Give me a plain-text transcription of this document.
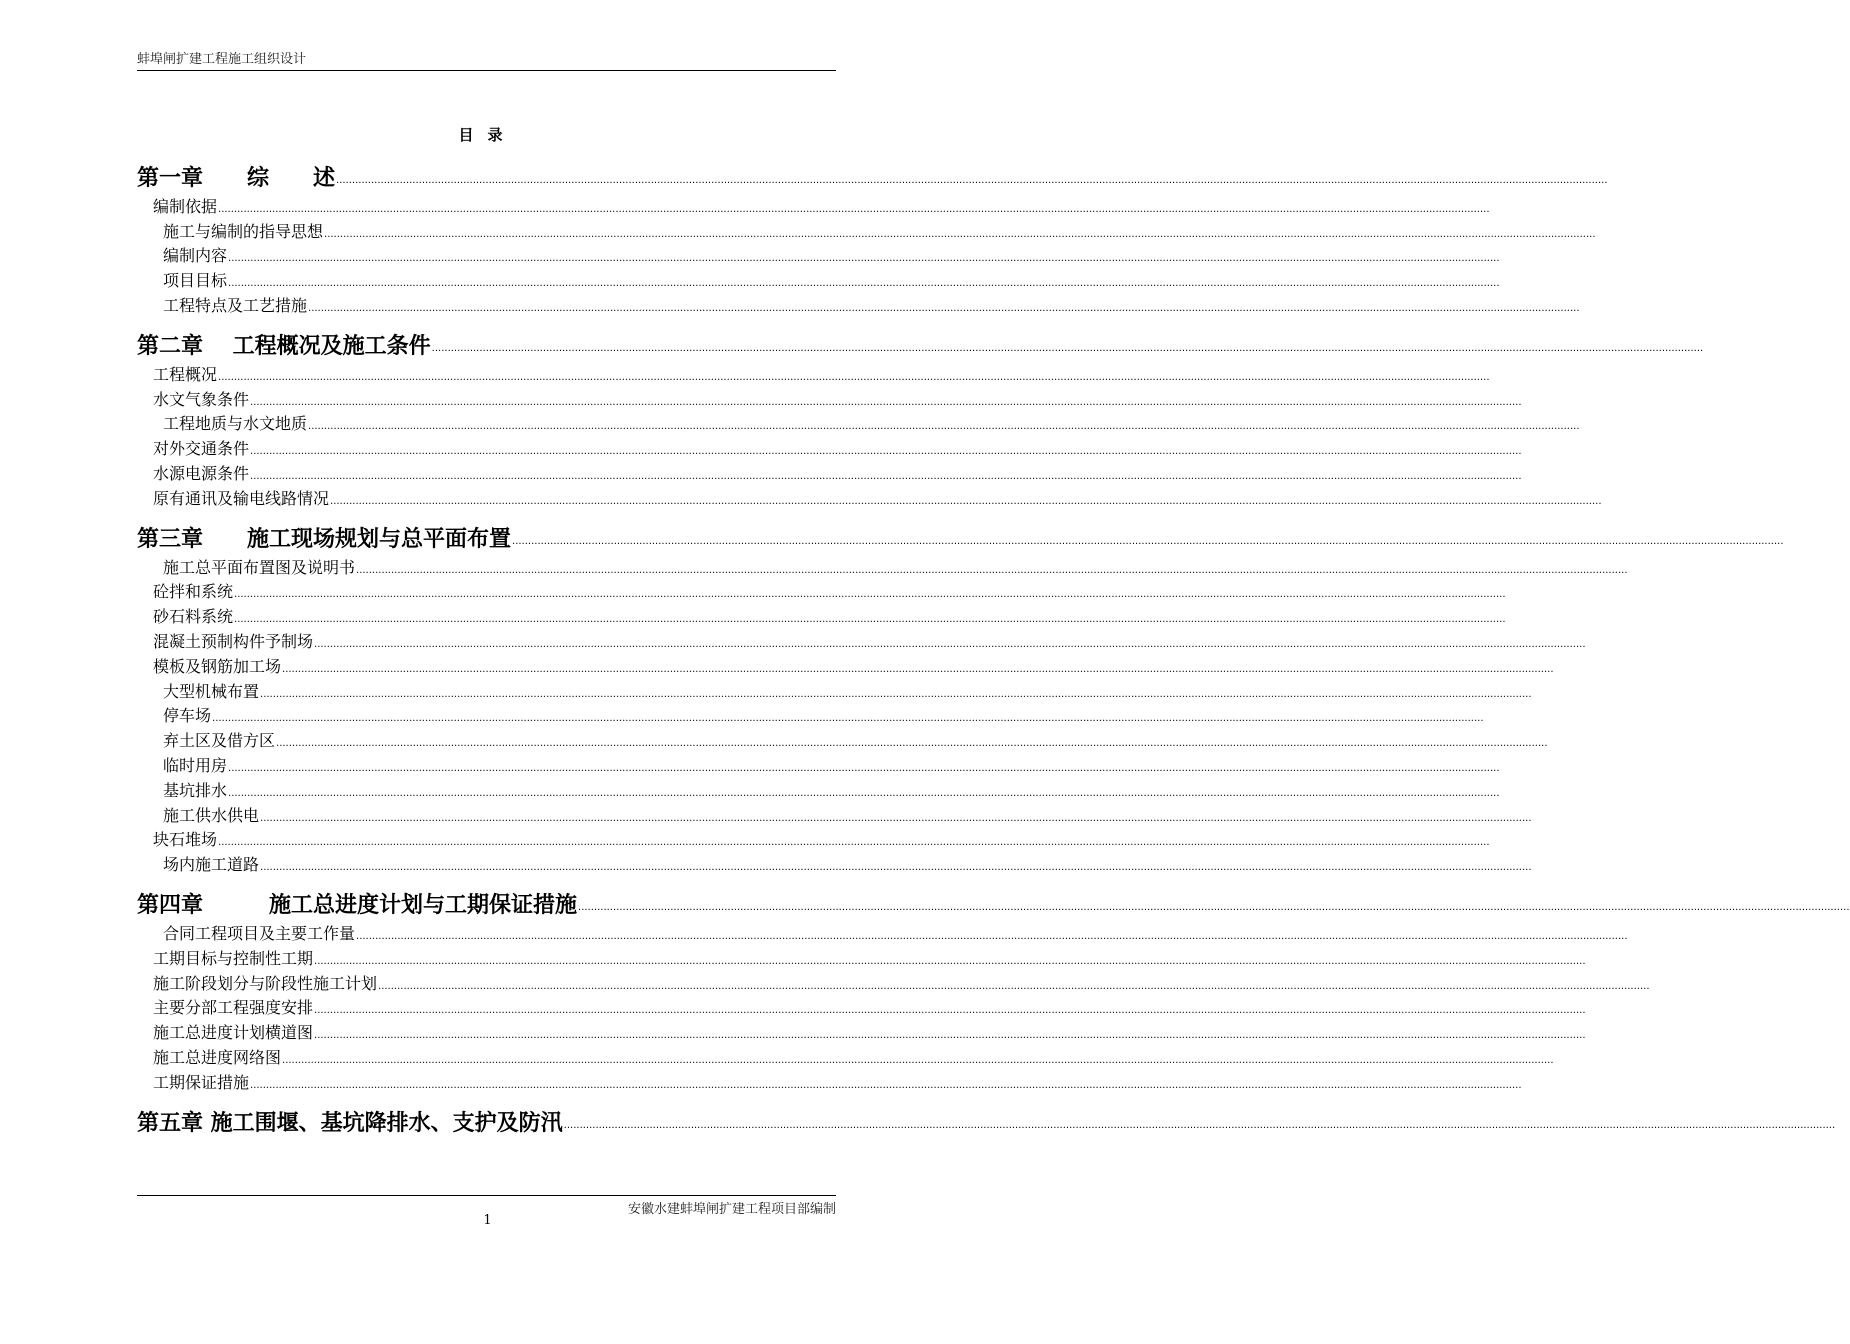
蚌埠闸扩建工程施工组织设计
目录
第一章　　综　　述 ................................................................................................................................................................................................................................................................................................................................................................................................................
编制依据 ................................................................................................................................................................................................................................................................................................................................................................................................................
施工与编制的指导思想 ................................................................................................................................................................................................................................................................................................................................................................................................................
编制内容 ................................................................................................................................................................................................................................................................................................................................................................................................................
项目目标 ................................................................................................................................................................................................................................................................................................................................................................................................................
工程特点及工艺措施 ................................................................................................................................................................................................................................................................................................................................................................................................................
第二章　 工程概况及施工条件 ................................................................................................................................................................................................................................................................................................................................................................................................................
工程概况 ................................................................................................................................................................................................................................................................................................................................................................................................................
水文气象条件 ................................................................................................................................................................................................................................................................................................................................................................................................................
工程地质与水文地质 ................................................................................................................................................................................................................................................................................................................................................................................................................
对外交通条件 ................................................................................................................................................................................................................................................................................................................................................................................................................
水源电源条件 ................................................................................................................................................................................................................................................................................................................................................................................................................
原有通讯及输电线路情况 ................................................................................................................................................................................................................................................................................................................................................................................................................
第三章　　施工现场规划与总平面布置 ................................................................................................................................................................................................................................................................................................................................................................................................................
施工总平面布置图及说明书 ................................................................................................................................................................................................................................................................................................................................................................................................................
砼拌和系统 ................................................................................................................................................................................................................................................................................................................................................................................................................
砂石料系统 ................................................................................................................................................................................................................................................................................................................................................................................................................
混凝土预制构件予制场 ................................................................................................................................................................................................................................................................................................................................................................................................................
模板及钢筋加工场 ................................................................................................................................................................................................................................................................................................................................................................................................................
大型机械布置 ................................................................................................................................................................................................................................................................................................................................................................................................................
停车场 ................................................................................................................................................................................................................................................................................................................................................................................................................
弃土区及借方区 ................................................................................................................................................................................................................................................................................................................................................................................................................
临时用房 ................................................................................................................................................................................................................................................................................................................................................................................................................
基坑排水 ................................................................................................................................................................................................................................................................................................................................................................................................................
施工供水供电 ................................................................................................................................................................................................................................................................................................................................................................................................................
块石堆场 ................................................................................................................................................................................................................................................................................................................................................................................................................
场内施工道路 ................................................................................................................................................................................................................................................................................................................................................................................................................
第四章　　　施工总进度计划与工期保证措施 ................................................................................................................................................................................................................................................................................................................................................................................................................
合同工程项目及主要工作量 ................................................................................................................................................................................................................................................................................................................................................................................................................
工期目标与控制性工期 ................................................................................................................................................................................................................................................................................................................................................................................................................
施工阶段划分与阶段性施工计划 ................................................................................................................................................................................................................................................................................................................................................................................................................
主要分部工程强度安排 ................................................................................................................................................................................................................................................................................................................................................................................................................
施工总进度计划横道图 ................................................................................................................................................................................................................................................................................................................................................................................................................
施工总进度网络图 ................................................................................................................................................................................................................................................................................................................................................................................................................
工期保证措施 ................................................................................................................................................................................................................................................................................................................................................................................................................
第五章 施工围堰、基坑降排水、支护及防汛 ................................................................................................................................................................................................................................................................................................................................................................................................................
安徽水建蚌埠闸扩建工程项目部编制
1
